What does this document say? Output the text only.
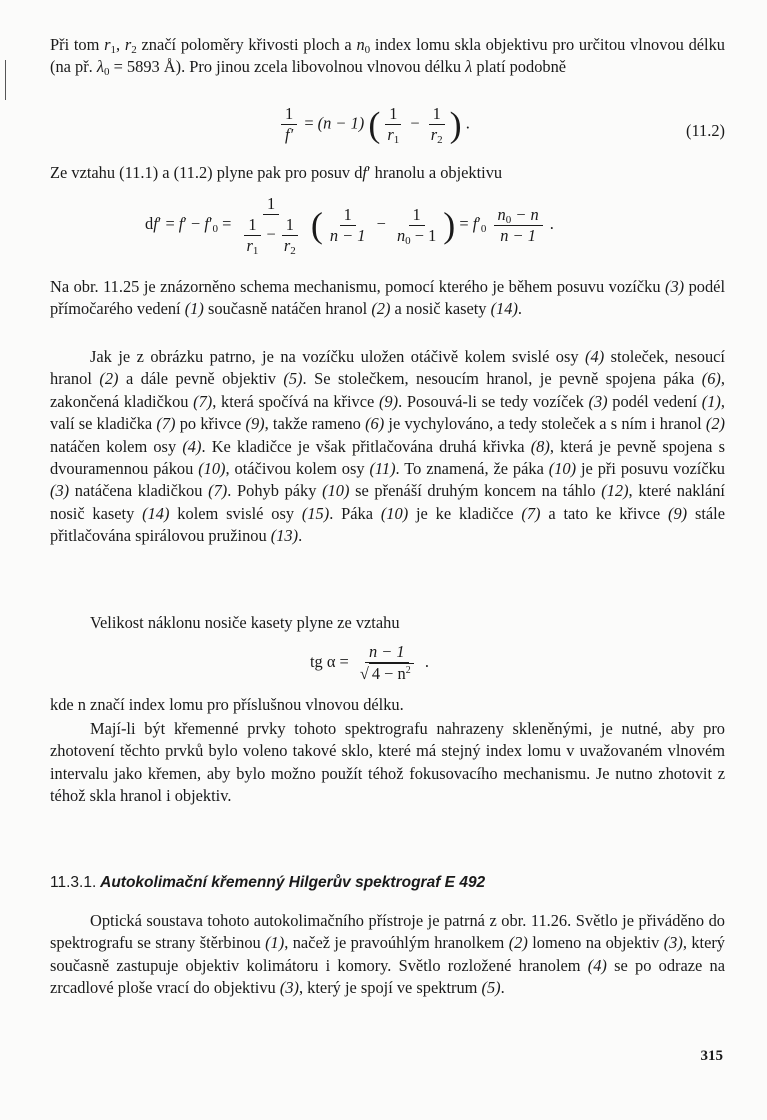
Při tom $r_1$, $r_2$ značí poloměry křivosti ploch a $n_0$ index lomu skla objektivu pro určitou vlnovou délku (na př. $\lambda_0 = 5893$ Å). Pro jinou zcela libovolnou vlnovou délku λ platí podobně

$\frac{1}{f'} = (n - 1)$ ( $\frac{1}{r_1} - \frac{1}{r_2}$ ) .	(11.2)

Ze vztahu (11.1) a (11.2) plyne pak pro posuv df′ hranolu a objektivu

$df' = f' - f'_0 = \frac{1}{\frac{1}{r_1} - \frac{1}{r_2}}$ ( $\frac{1}{n - 1} - \frac{1}{n_0 - 1}$ ) = $f'_0 \frac{n_0 - n}{n - 1}$ .

Na obr. 11.25 je znázorněno schema mechanismu, pomocí kterého je během posuvu vozíčku (3) podél přímočarého vedení (1) současně natáčen hranol (2) a nosič kasety (14).

Jak je z obrázku patrno, je na vozíčku uložen otáčivě kolem svislé osy (4) stoleček, nesoucí hranol (2) a dále pevně objektiv (5). Se stolečkem, nesoucím hranol, je pevně spojena páka (6), zakončená kladičkou (7), která spočívá na křivce (9). Posouvá-li se tedy vozíček (3) podél vedení (1), valí se kladička (7) po křivce (9), takže rameno (6) je vychylováno, a tedy stoleček a s ním i hranol (2) natáčen kolem osy (4). Ke kladičce je však přitlačována druhá křivka (8), která je pevně spojena s dvouramennou pákou (10), otáčivou kolem osy (11). To znamená, že páka (10) je při posuvu vozíčku (3) natáčena kladičkou (7). Pohyb páky (10) se přenáší druhým koncem na táhlo (12), které naklání nosič kasety (14) kolem svislé osy (15). Páka (10) je ke kladičce (7) a tato ke křivce (9) stále přitlačována spirálovou pružinou (13).

Velikost náklonu nosiče kasety plyne ze vztahu

tg $\alpha = \frac{n - 1}{√ 4 - n^2}$ .

kde n značí index lomu pro příslušnou vlnovou délku.

Mají-li být křemenné prvky tohoto spektrografu nahrazeny skleněnými, je nutné, aby pro zhotovení těchto prvků bylo voleno takové sklo, které má stejný index lomu v uvažovaném vlnovém intervalu jako křemen, aby bylo možno použít téhož fokusovacího mechanismu. Je nutno zhotovit z téhož skla hranol i objektiv.

11.3.1. Autokolimační křemenný Hilgerův spektrograf E 492

Optická soustava tohoto autokolimačního přístroje je patrná z obr. 11.26. Světlo je přiváděno do spektrografu se strany štěrbinou (1), načež je pravoúhlým hranolkem (2) lomeno na objektiv (3), který současně zastupuje objektiv kolimátoru i komory. Světlo rozložené hranolem (4) se po odraze na zrcadlové ploše vrací do objektivu (3), který je spojí ve spektrum (5).

315
